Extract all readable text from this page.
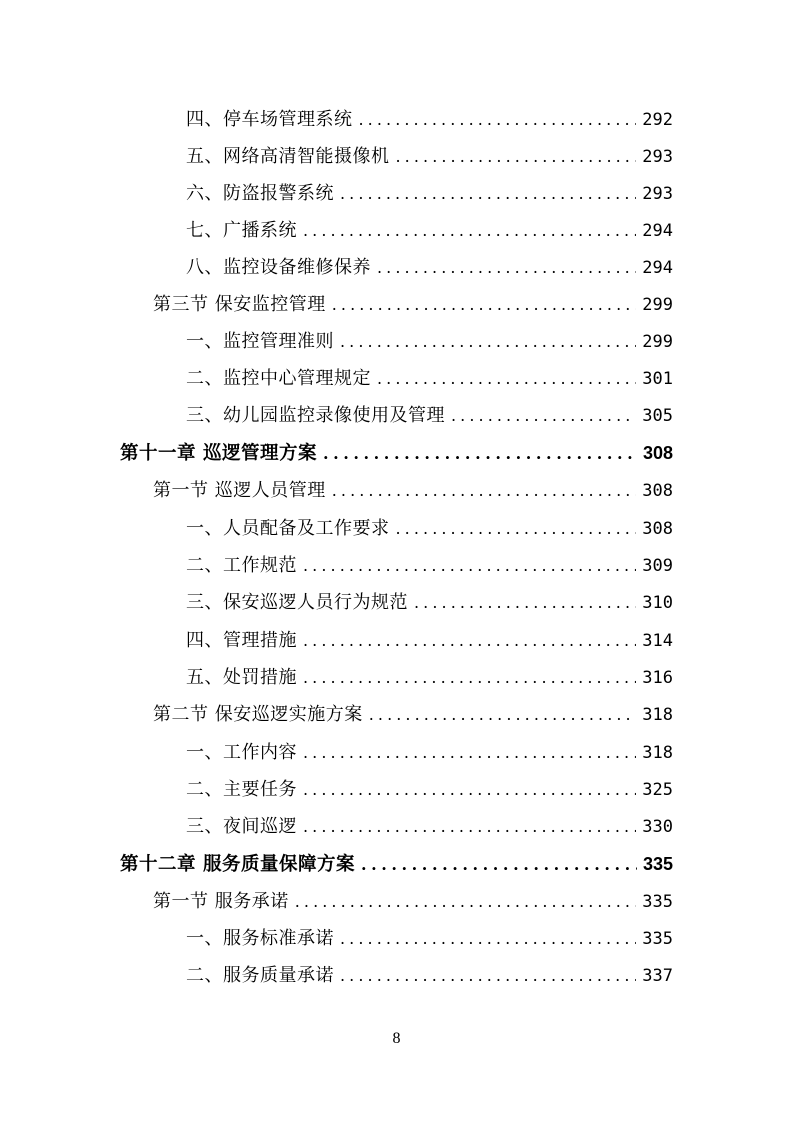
四、停车场管理系统 . . .	292
五、网络高清智能摄像机 . . .	293
六、防盗报警系统 . . .	293
七、广播系统 . . .	294
八、监控设备维修保养 . . .	294
第三节 保安监控管理 . . .	299
一、监控管理准则 . . .	299
二、监控中心管理规定 . . .	301
三、幼儿园监控录像使用及管理 . . .	305
第十一章 巡逻管理方案 . . .	308
第一节 巡逻人员管理 . . .	308
一、人员配备及工作要求 . . .	308
二、工作规范 . . .	309
三、保安巡逻人员行为规范 . . .	310
四、管理措施 . . .	314
五、处罚措施 . . .	316
第二节 保安巡逻实施方案 . . .	318
一、工作内容 . . .	318
二、主要任务 . . .	325
三、夜间巡逻 . . .	330
第十二章 服务质量保障方案 . . .	335
第一节 服务承诺 . . .	335
一、服务标准承诺 . . .	335
二、服务质量承诺 . . .	337
8
